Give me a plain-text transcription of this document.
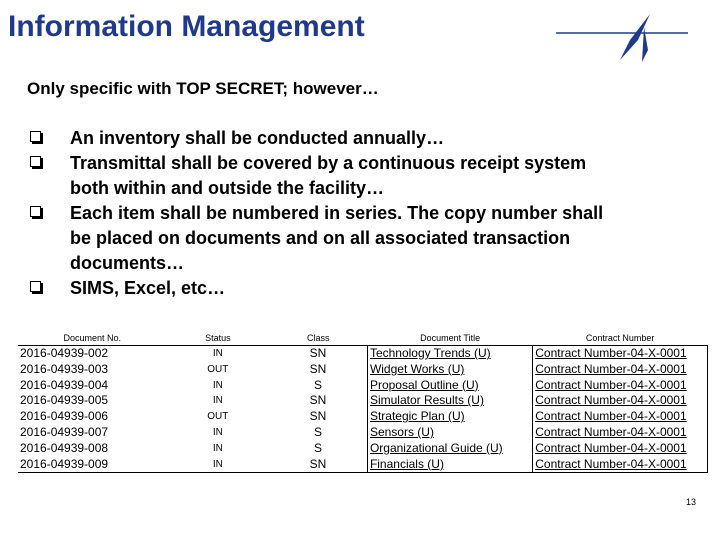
Information Management
Only specific with TOP SECRET; however…
An inventory shall be conducted annually…
Transmittal shall be covered by a continuous receipt system
both within and outside the facility…
Each item shall be numbered in series. The copy number shall
be placed on documents and on all associated transaction
documents…
SIMS, Excel, etc…
Document No.	Status	Class	Document Title	Contract Number
2016-04939-002	IN	SN	Technology Trends (U)	Contract Number-04-X-0001
2016-04939-003	OUT	SN	Widget Works (U)	Contract Number-04-X-0001
2016-04939-004	IN	S	Proposal Outline (U)	Contract Number-04-X-0001
2016-04939-005	IN	SN	Simulator Results (U)	Contract Number-04-X-0001
2016-04939-006	OUT	SN	Strategic Plan (U)	Contract Number-04-X-0001
2016-04939-007	IN	S	Sensors (U)	Contract Number-04-X-0001
2016-04939-008	IN	S	Organizational Guide (U)	Contract Number-04-X-0001
2016-04939-009	IN	SN	Financials (U)	Contract Number-04-X-0001
13
